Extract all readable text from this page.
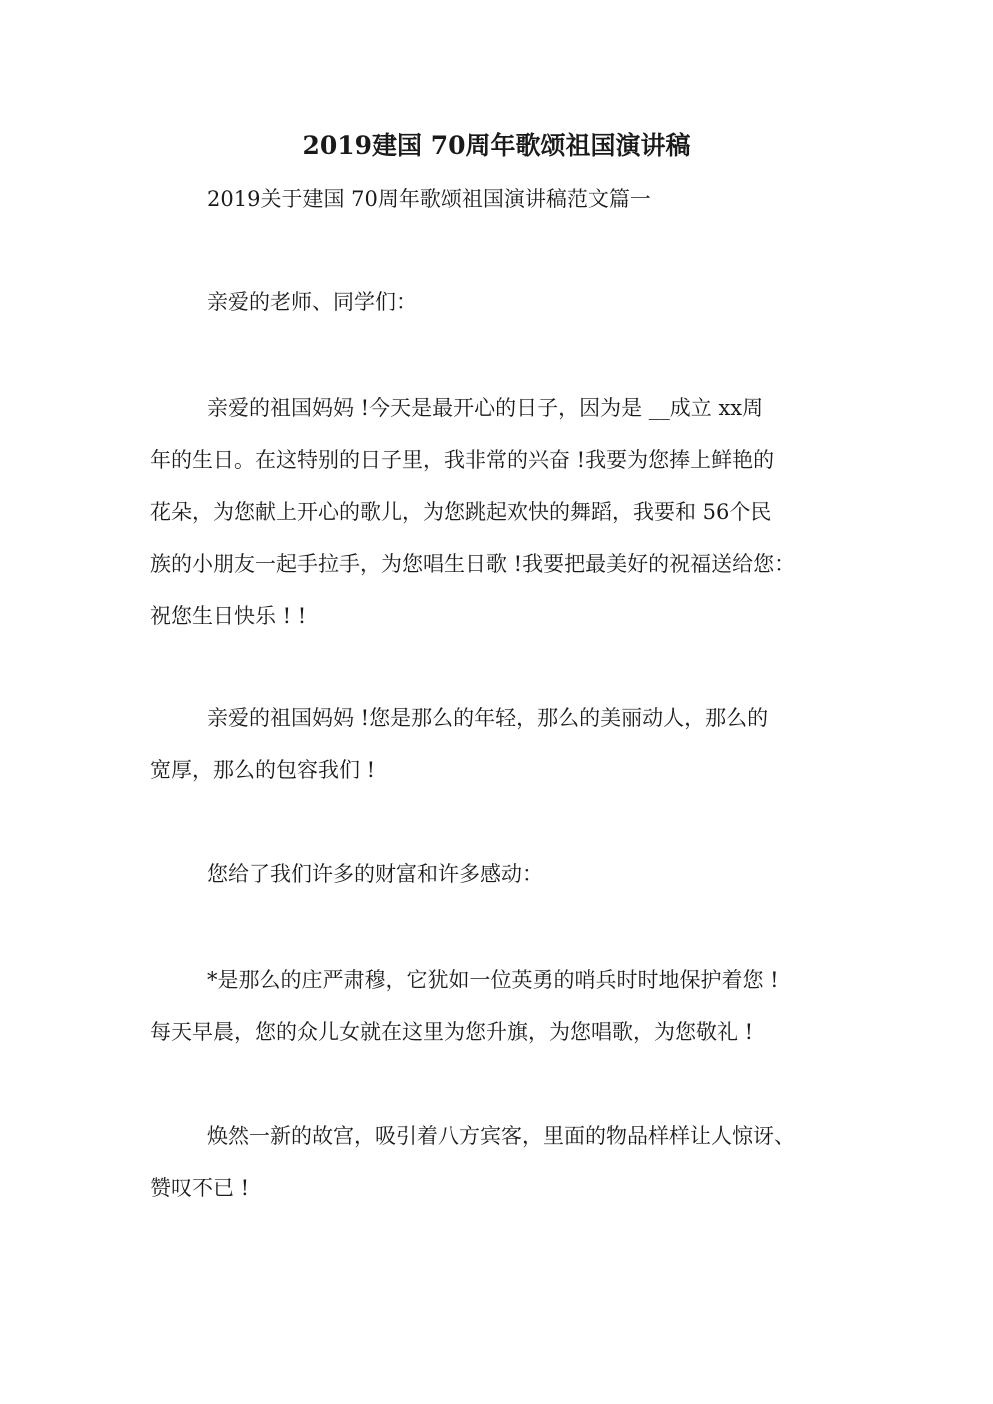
2019建国 70周年歌颂祖国演讲稿
2019关于建国 70周年歌颂祖国演讲稿范文篇一
亲爱的老师、同学们：
亲爱的祖国妈妈 !今天是最开心的日子，因为是 __成立 xx周
年的生日。在这特别的日子里，我非常的兴奋 !我要为您捧上鲜艳的
花朵，为您献上开心的歌儿，为您跳起欢快的舞蹈，我要和 56个民
族的小朋友一起手拉手，为您唱生日歌 !我要把最美好的祝福送给您：
祝您生日快乐 ! !
亲爱的祖国妈妈 !您是那么的年轻，那么的美丽动人，那么的
宽厚，那么的包容我们 !
您给了我们许多的财富和许多感动：
*是那么的庄严肃穆，它犹如一位英勇的哨兵时时地保护着您 !
每天早晨，您的众儿女就在这里为您升旗，为您唱歌，为您敬礼 !
焕然一新的故宫，吸引着八方宾客，里面的物品样样让人惊讶、
赞叹不已 !
